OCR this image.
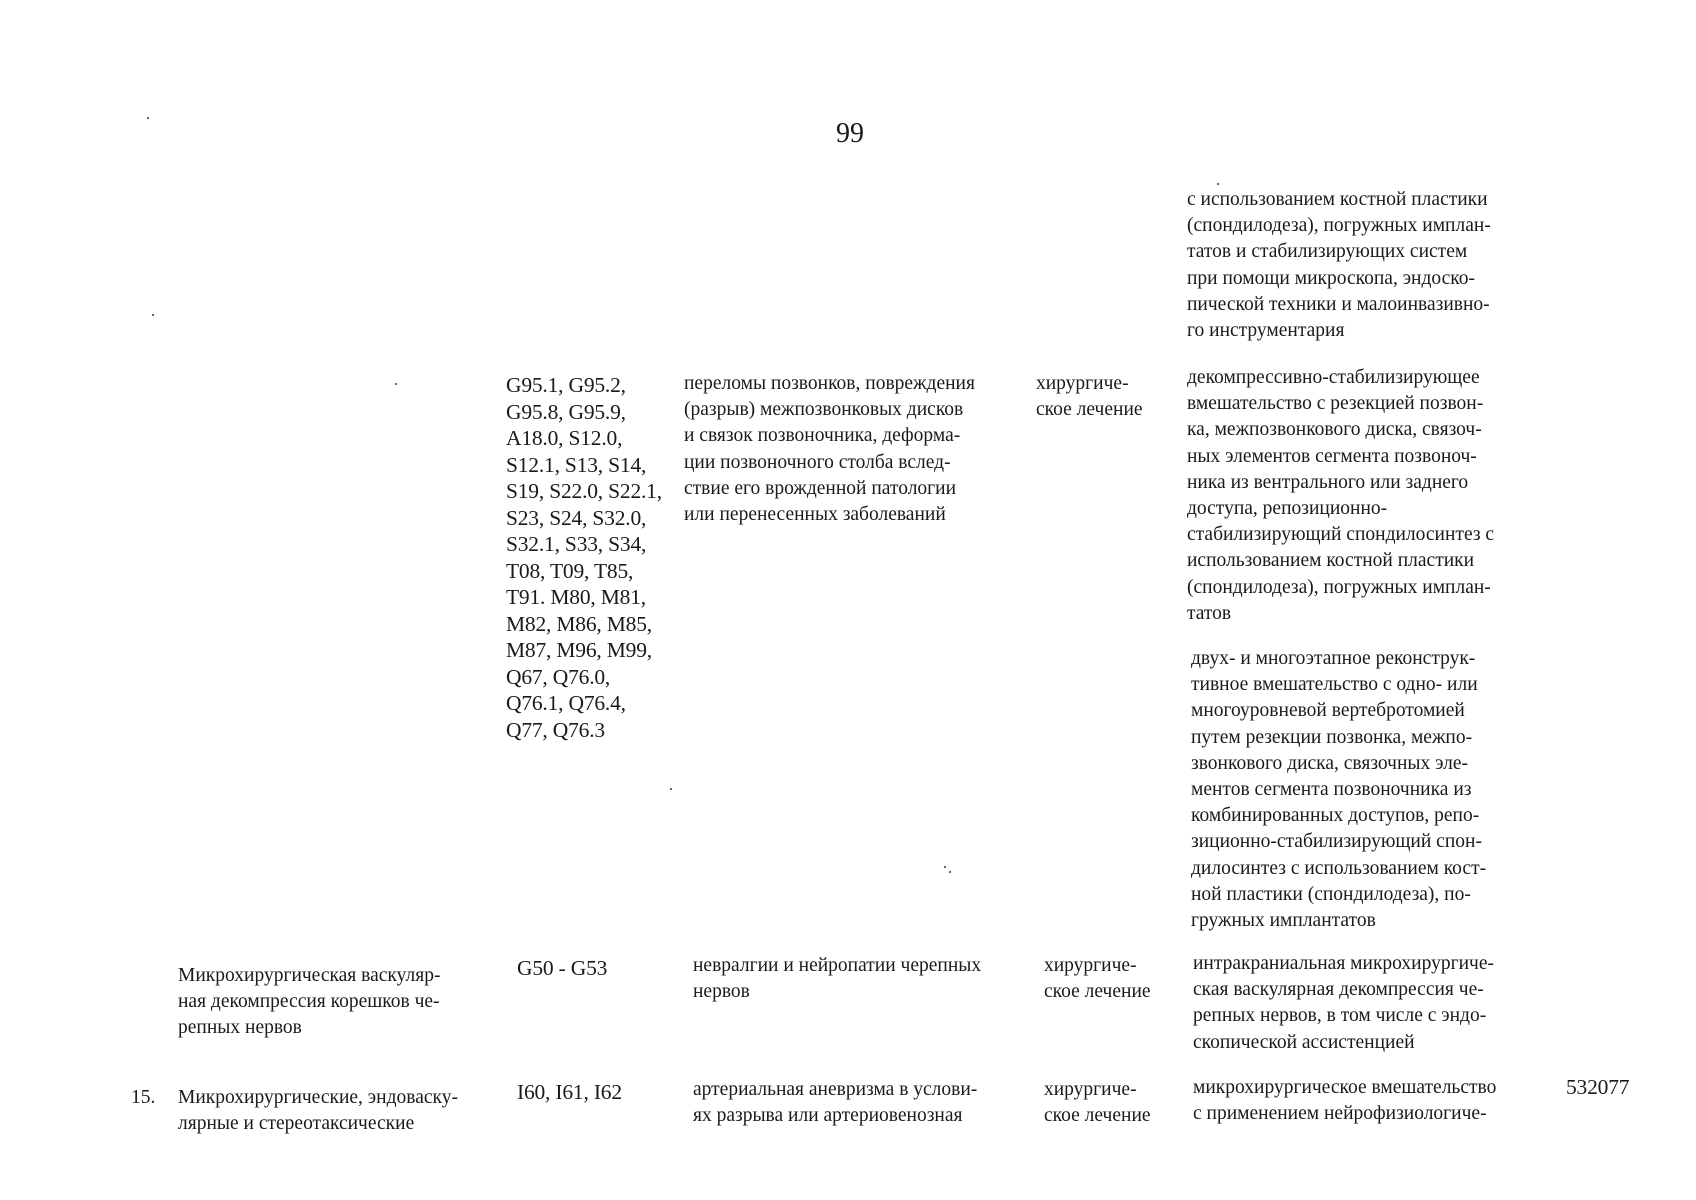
99
с использованием костной пластики
(спондилодеза), погружных имплан-
татов и стабилизирующих систем
при помощи микроскопа, эндоско-
пической техники и малоинвазивно-
го инструментария
G95.1, G95.2,
G95.8, G95.9,
A18.0, S12.0,
S12.1, S13, S14,
S19, S22.0, S22.1,
S23, S24, S32.0,
S32.1, S33, S34,
T08, T09, T85,
T91. M80, M81,
M82, M86, M85,
M87, M96, M99,
Q67, Q76.0,
Q76.1, Q76.4,
Q77, Q76.3
переломы позвонков, повреждения
(разрыв) межпозвонковых дисков
и связок позвоночника, деформа-
ции позвоночного столба вслед-
ствие его врожденной патологии
или перенесенных заболеваний
хирургиче-
ское лечение
декомпрессивно-стабилизирующее
вмешательство с резекцией позвон-
ка, межпозвонкового диска, связоч-
ных элементов сегмента позвоноч-
ника из вентрального или заднего
доступа, репозиционно-
стабилизирующий спондилосинтез с
использованием костной пластики
(спондилодеза), погружных имплан-
татов
двух- и многоэтапное реконструк-
тивное вмешательство с одно- или
многоуровневой вертебротомией
путем резекции позвонка, межпо-
звонкового диска, связочных эле-
ментов сегмента позвоночника из
комбинированных доступов, репо-
зиционно-стабилизирующий спон-
дилосинтез с использованием кост-
ной пластики (спондилодеза), по-
гружных имплантатов
Микрохирургическая васкуляр-
ная декомпрессия корешков че-
репных нервов
G50 - G53	невралгии и нейропатии черепных
нервов
хирургиче-
ское лечение
интракраниальная микрохирургиче-
ская васкулярная декомпрессия че-
репных нервов, в том числе с эндо-
скопической ассистенцией
15. Микрохирургические, эндоваску-
лярные и стереотаксические
I60, I61, I62	артериальная аневризма в услови-
ях разрыва или артериовенозная
хирургиче-
ское лечение
микрохирургическое вмешательство
с применением нейрофизиологиче-
532077
